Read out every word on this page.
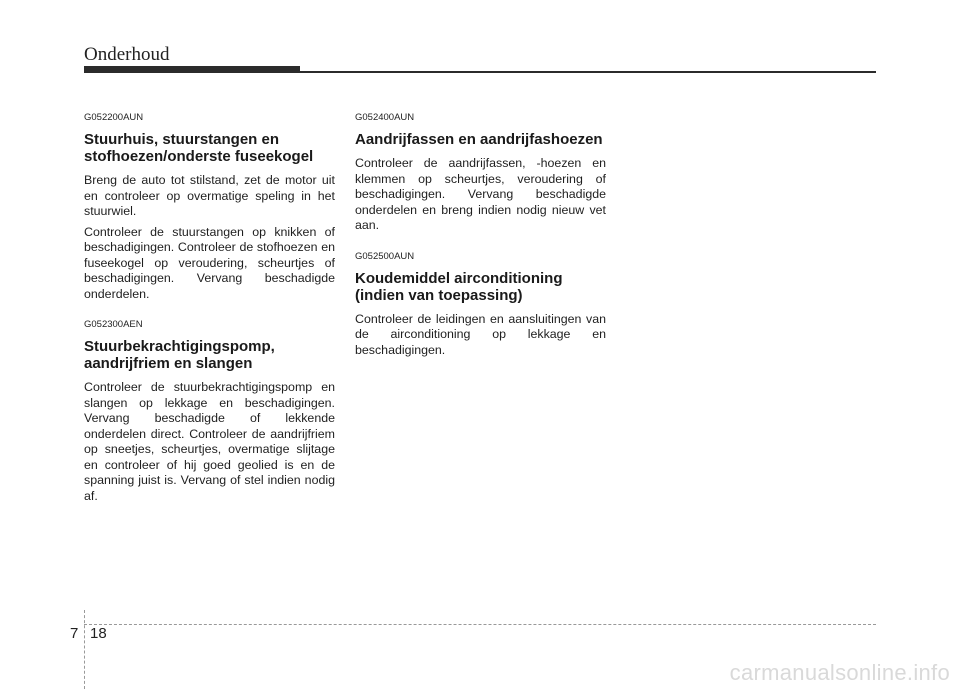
Onderhoud
G052200AUN
Stuurhuis, stuurstangen en stofhoezen/onderste fuseekogel

Breng de auto tot stilstand, zet de motor uit en controleer op overmatige speling in het stuurwiel.

Controleer de stuurstangen op knikken of beschadigingen. Controleer de stofhoezen en fuseekogel op veroudering, scheurtjes of beschadigingen. Vervang beschadigde onderdelen.

G052300AEN
Stuurbekrachtigingspomp, aandrijfriem en slangen

Controleer de stuurbekrachtigingspomp en slangen op lekkage en beschadigingen. Vervang beschadigde of lekkende onderdelen direct. Controleer de aandrijfriem op sneetjes, scheurtjes, overmatige slijtage en controleer of hij goed geolied is en de spanning juist is. Vervang of stel indien nodig af.

G052400AUN
Aandrijfassen en aandrijfashoezen

Controleer de aandrijfassen, -hoezen en klemmen op scheurtjes, veroudering of beschadigingen. Vervang beschadigde onderdelen en breng indien nodig nieuw vet aan.

G052500AUN
Koudemiddel airconditioning (indien van toepassing)

Controleer de leidingen en aansluitingen van de airconditioning op lekkage en beschadigingen.

7 18
carmanualsonline.info
